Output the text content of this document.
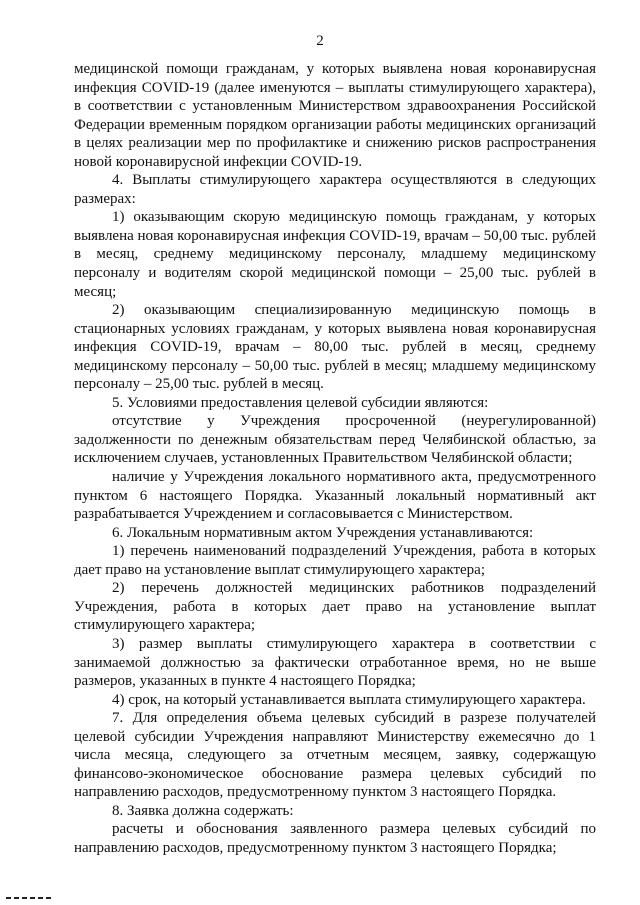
2

медицинской помощи гражданам, у которых выявлена новая коронавирусная инфекция COVID-19 (далее именуются – выплаты стимулирующего характера), в соответствии с установленным Министерством здравоохранения Российской Федерации временным порядком организации работы медицинских организаций в целях реализации мер по профилактике и снижению рисков распространения новой коронавирусной инфекции COVID-19.

4. Выплаты стимулирующего характера осуществляются в следующих размерах:

1) оказывающим скорую медицинскую помощь гражданам, у которых выявлена новая коронавирусная инфекция COVID-19, врачам – 50,00 тыс. рублей в месяц, среднему медицинскому персоналу, младшему медицинскому персоналу и водителям скорой медицинской помощи – 25,00 тыс. рублей в месяц;

2) оказывающим специализированную медицинскую помощь в стационарных условиях гражданам, у которых выявлена новая коронавирусная инфекция COVID-19, врачам – 80,00 тыс. рублей в месяц, среднему медицинскому персоналу – 50,00 тыс. рублей в месяц; младшему медицинскому персоналу – 25,00 тыс. рублей в месяц.

5. Условиями предоставления целевой субсидии являются:

отсутствие у Учреждения просроченной (неурегулированной) задолженности по денежным обязательствам перед Челябинской областью, за исключением случаев, установленных Правительством Челябинской области;

наличие у Учреждения локального нормативного акта, предусмотренного пунктом 6 настоящего Порядка. Указанный локальный нормативный акт разрабатывается Учреждением и согласовывается с Министерством.

6. Локальным нормативным актом Учреждения устанавливаются:

1) перечень наименований подразделений Учреждения, работа в которых дает право на установление выплат стимулирующего характера;

2) перечень должностей медицинских работников подразделений Учреждения, работа в которых дает право на установление выплат стимулирующего характера;

3) размер выплаты стимулирующего характера в соответствии с занимаемой должностью за фактически отработанное время, но не выше размеров, указанных в пункте 4 настоящего Порядка;

4) срок, на который устанавливается выплата стимулирующего характера.

7. Для определения объема целевых субсидий в разрезе получателей целевой субсидии Учреждения направляют Министерству ежемесячно до 1 числа месяца, следующего за отчетным месяцем, заявку, содержащую финансово-экономическое обоснование размера целевых субсидий по направлению расходов, предусмотренному пунктом 3 настоящего Порядка.

8. Заявка должна содержать:

расчеты и обоснования заявленного размера целевых субсидий по направлению расходов, предусмотренному пунктом 3 настоящего Порядка;
